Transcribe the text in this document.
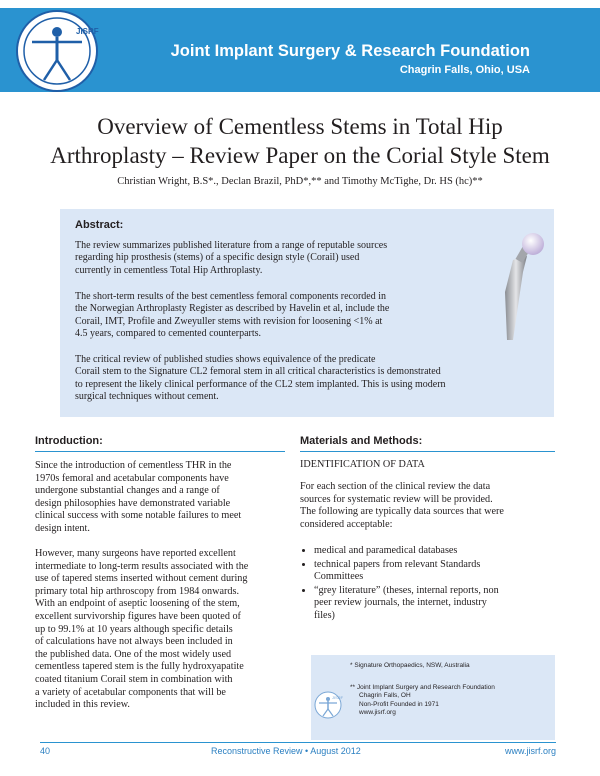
JISRF
Joint Implant Surgery & Research Foundation
Chagrin Falls, Ohio, USA
Overview of Cementless Stems in Total Hip
Arthroplasty – Review Paper on the Corial Style Stem
Christian Wright, B.S*., Declan Brazil, PhD*,** and Timothy McTighe, Dr. HS (hc)**
Abstract:

The review summarizes published literature from a range of reputable sources
regarding hip prosthesis (stems) of a specific design style (Corail) used
currently in cementless Total Hip Arthroplasty.

The short-term results of the best cementless femoral components recorded in
the Norwegian Arthroplasty Register as described by Havelin et al, include the
Corail, IMT, Profile and Zweyuller stems with revision for loosening <1% at
4.5 years, compared to cemented counterparts.

The critical review of published studies shows equivalence of the predicate
Corail stem to the Signature CL2 femoral stem in all critical characteristics is demonstrated
to represent the likely clinical performance of the CL2 stem implanted. This is using modern
surgical techniques without cement.

Introduction:

Since the introduction of cementless THR in the
1970s femoral and acetabular components have
undergone substantial changes and a range of
design philosophies have demonstrated variable
clinical success with some notable failures to meet
design intent.

However, many surgeons have reported excellent
intermediate to long-term results associated with the
use of tapered stems inserted without cement during
primary total hip arthroscopy from 1984 onwards.
With an endpoint of aseptic loosening of the stem,
excellent survivorship figures have been quoted of
up to 99.1% at 10 years although specific details
of calculations have not always been included in
the published data. One of the most widely used
cementless tapered stem is the fully hydroxyapatite
coated titanium Corail stem in combination with
a variety of acetabular components that will be
included in this review.

Materials and Methods:
IDENTIFICATION OF DATA

For each section of the clinical review the data
sources for systematic review will be provided.
The following are typically data sources that were
considered acceptable:

• medical and paramedical databases
• technical papers from relevant Standards
Committees
• “grey literature” (theses, internal reports, non
peer review journals, the internet, industry
files)
JISRF
* Signature Orthopaedics, NSW, Australia
** Joint Implant Surgery and Research Foundation
Chagrin Falls, OH
Non-Profit Founded in 1971
www.jisrf.org
40	Reconstructive Review • August 2012	www.jisrf.org
